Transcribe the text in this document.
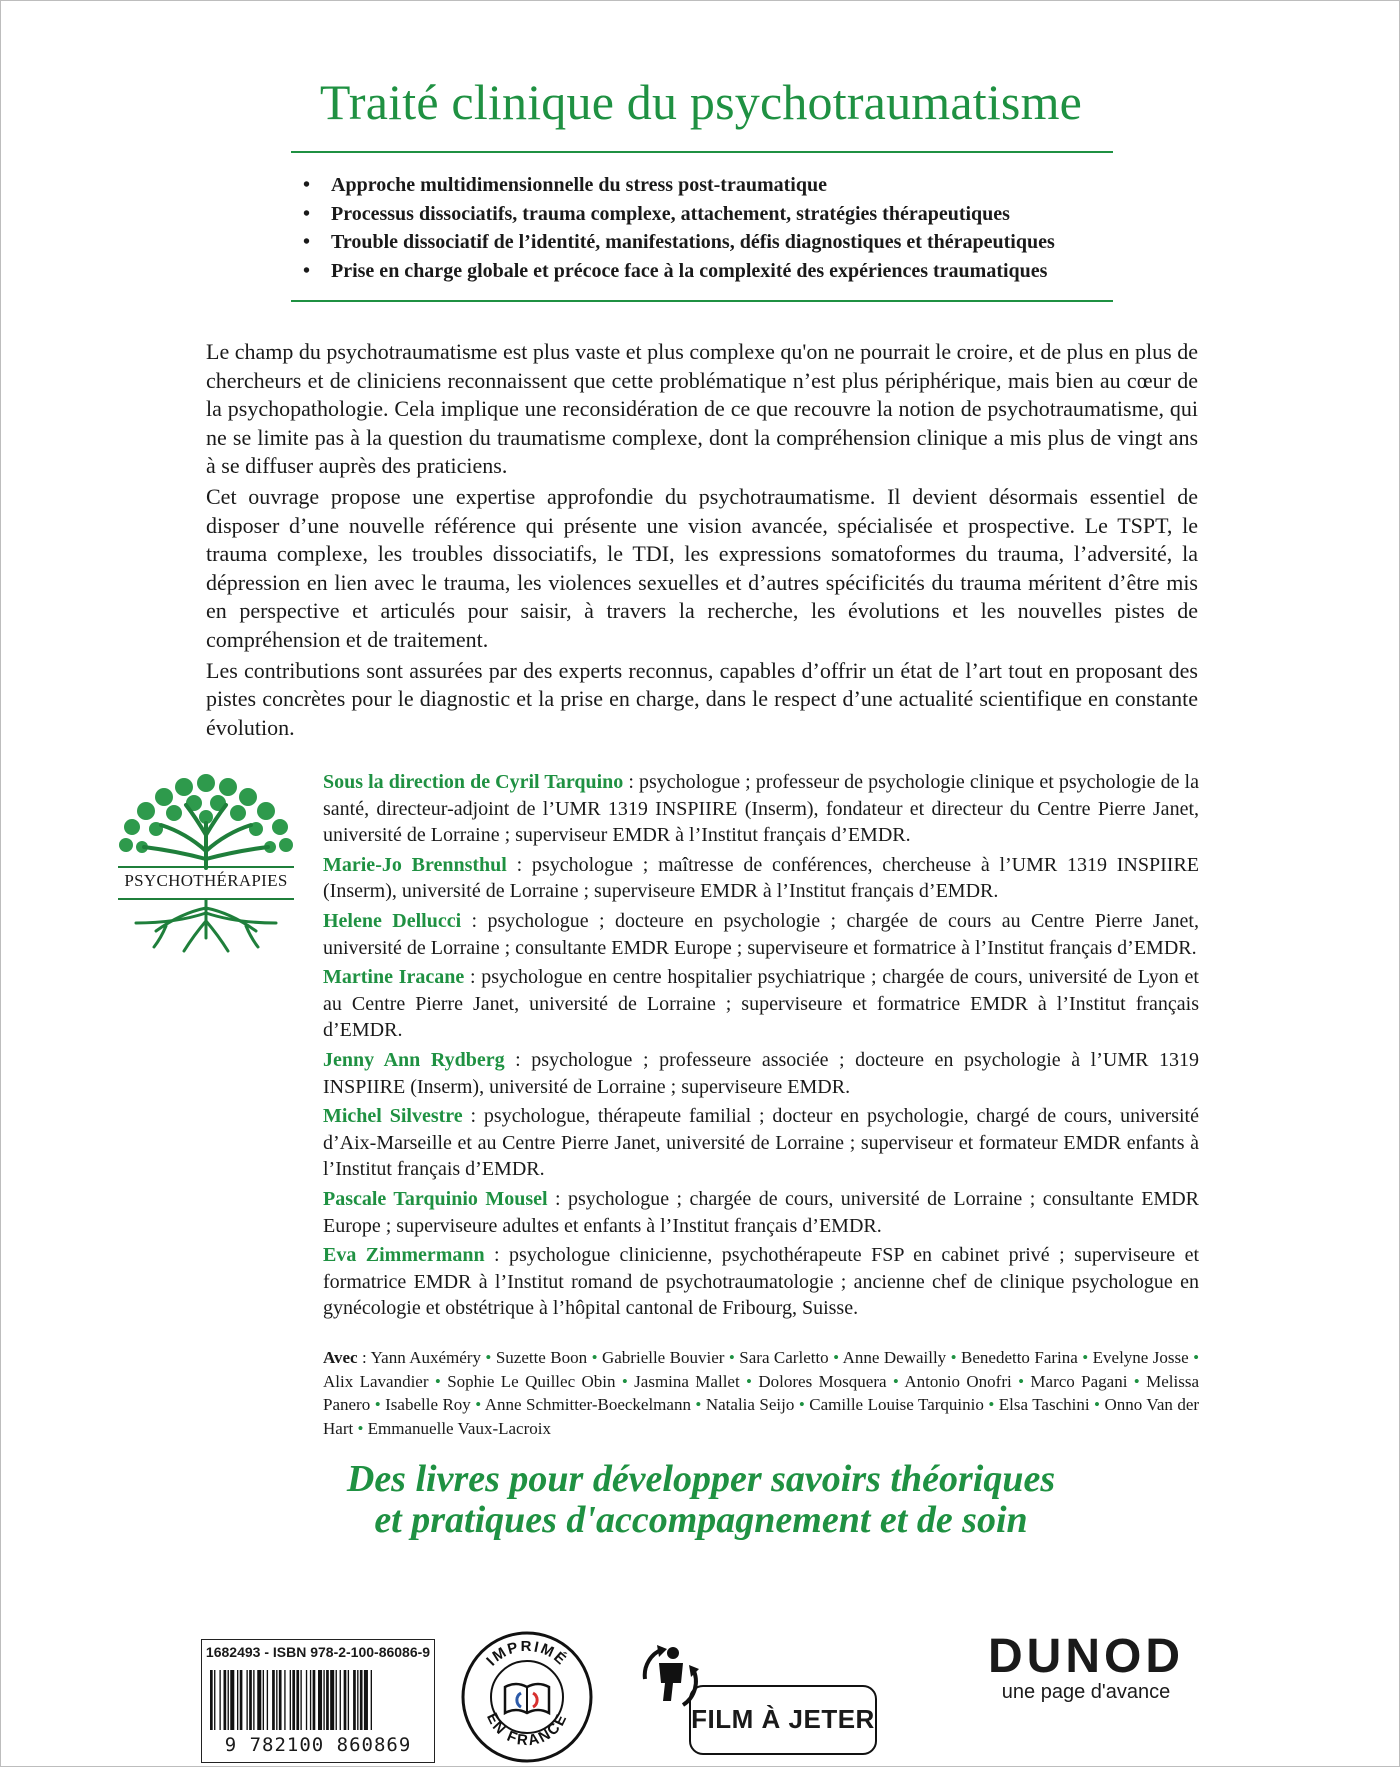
Traité clinique du psychotraumatisme
• Approche multidimensionnelle du stress post-traumatique
• Processus dissociatifs, trauma complexe, attachement, stratégies thérapeutiques
• Trouble dissociatif de l’identité, manifestations, défis diagnostiques et thérapeutiques
• Prise en charge globale et précoce face à la complexité des expériences traumatiques

Le champ du psychotraumatisme est plus vaste et plus complexe qu'on ne pourrait le croire, et de plus en plus de chercheurs et de cliniciens reconnaissent que cette problématique n’est plus périphérique, mais bien au cœur de la psychopathologie. Cela implique une reconsidération de ce que recouvre la notion de psychotraumatisme, qui ne se limite pas à la question du traumatisme complexe, dont la compréhension clinique a mis plus de vingt ans à se diffuser auprès des praticiens.

Cet ouvrage propose une expertise approfondie du psychotraumatisme. Il devient désormais essentiel de disposer d’une nouvelle référence qui présente une vision avancée, spécialisée et prospective. Le TSPT, le trauma complexe, les troubles dissociatifs, le TDI, les expressions somatoformes du trauma, l’adversité, la dépression en lien avec le trauma, les violences sexuelles et d’autres spécificités du trauma méritent d’être mis en perspective et articulés pour saisir, à travers la recherche, les évolutions et les nouvelles pistes de compréhension et de traitement.

Les contributions sont assurées par des experts reconnus, capables d’offrir un état de l’art tout en proposant des pistes concrètes pour le diagnostic et la prise en charge, dans le respect d’une actualité scientifique en constante évolution.

PSYCHOTHÉRAPIES

Sous la direction de Cyril Tarquino : psychologue ; professeur de psychologie clinique et psychologie de la santé, directeur-adjoint de l’UMR 1319 INSPIIRE (Inserm), fondateur et directeur du Centre Pierre Janet, université de Lorraine ; superviseur EMDR à l’Institut français d’EMDR.

Marie-Jo Brennsthul : psychologue ; maîtresse de conférences, chercheuse à l’UMR 1319 INSPIIRE (Inserm), université de Lorraine ; superviseure EMDR à l’Institut français d’EMDR.

Helene Dellucci : psychologue ; docteure en psychologie ; chargée de cours au Centre Pierre Janet, université de Lorraine ; consultante EMDR Europe ; superviseure et formatrice à l’Institut français d’EMDR.

Martine Iracane : psychologue en centre hospitalier psychiatrique ; chargée de cours, université de Lyon et au Centre Pierre Janet, université de Lorraine ; superviseure et formatrice EMDR à l’Institut français d’EMDR.

Jenny Ann Rydberg : psychologue ; professeure associée ; docteure en psychologie à l’UMR 1319 INSPIIRE (Inserm), université de Lorraine ; superviseure EMDR.

Michel Silvestre : psychologue, thérapeute familial ; docteur en psychologie, chargé de cours, université d’Aix-Marseille et au Centre Pierre Janet, université de Lorraine ; superviseur et formateur EMDR enfants à l’Institut français d’EMDR.

Pascale Tarquinio Mousel : psychologue ; chargée de cours, université de Lorraine ; consultante EMDR Europe ; superviseure adultes et enfants à l’Institut français d’EMDR.

Eva Zimmermann : psychologue clinicienne, psychothérapeute FSP en cabinet privé ; superviseure et formatrice EMDR à l’Institut romand de psychotraumatologie ; ancienne chef de clinique psychologue en gynécologie et obstétrique à l’hôpital cantonal de Fribourg, Suisse.

Avec : Yann Auxéméry • Suzette Boon • Gabrielle Bouvier • Sara Carletto • Anne Dewailly • Benedetto Farina • Evelyne Josse • Alix Lavandier • Sophie Le Quillec Obin • Jasmina Mallet • Dolores Mosquera • Antonio Onofri • Marco Pagani • Melissa Panero • Isabelle Roy • Anne Schmitter-Boeckelmann • Natalia Seijo • Camille Louise Tarquinio • Elsa Taschini • Onno Van der Hart • Emmanuelle Vaux-Lacroix
Des livres pour développer savoirs théoriques
et pratiques d'accompagnement et de soin
1682493 - ISBN 978-2-100-86086-9
9 782100 860869
IMPRIMÉ
EN FRANCE	FILM À JETER
DUNOD
une page d'avance
